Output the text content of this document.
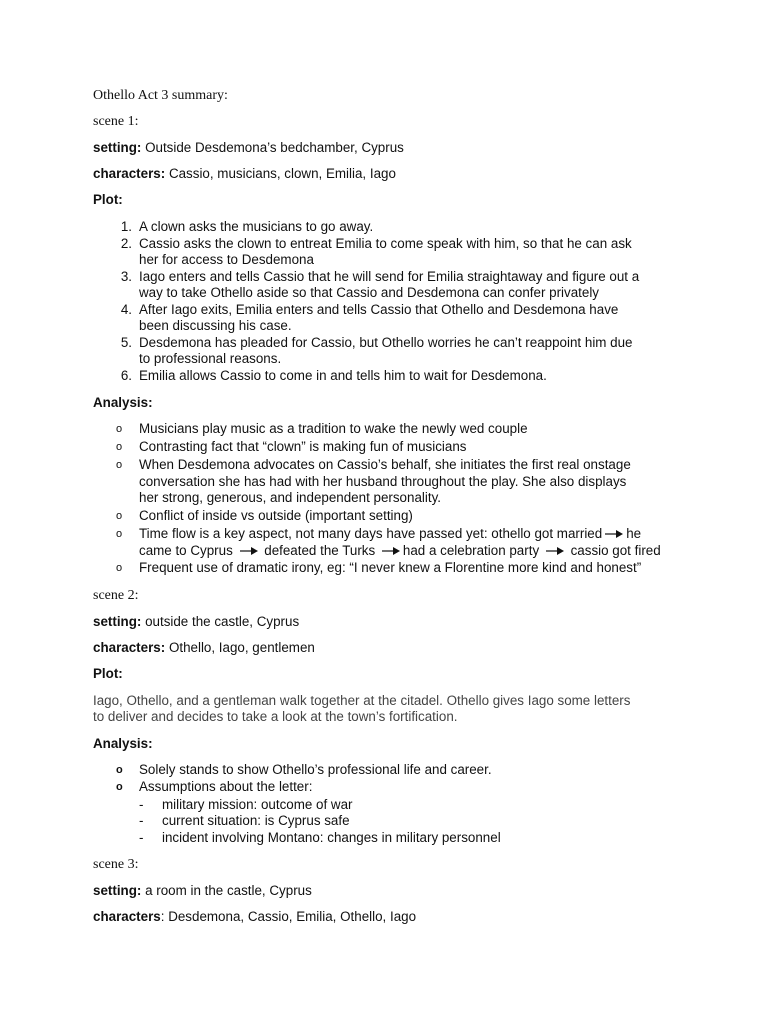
Othello Act 3 summary:
scene 1:
setting: Outside Desdemona’s bedchamber, Cyprus
characters: Cassio, musicians, clown, Emilia, Iago
Plot:
1. A clown asks the musicians to go away.
2. Cassio asks the clown to entreat Emilia to come speak with him, so that he can ask
her for access to Desdemona
3. Iago enters and tells Cassio that he will send for Emilia straightaway and figure out a
way to take Othello aside so that Cassio and Desdemona can confer privately
4. After Iago exits, Emilia enters and tells Cassio that Othello and Desdemona have
been discussing his case.
5. Desdemona has pleaded for Cassio, but Othello worries he can’t reappoint him due
to professional reasons.
6. Emilia allows Cassio to come in and tells him to wait for Desdemona.
Analysis:
o Musicians play music as a tradition to wake the newly wed couple
o Contrasting fact that “clown” is making fun of musicians
o When Desdemona advocates on Cassio’s behalf, she initiates the first real onstage
conversation she has had with her husband throughout the play. She also displays
her strong, generous, and independent personality.
o Conflict of inside vs outside (important setting)
o Time flow is a key aspect, not many days have passed yet: othello got married he
came to Cyprus defeated the Turks had a celebration party cassio got fired
o Frequent use of dramatic irony, eg: “I never knew a Florentine more kind and honest”
scene 2:
setting: outside the castle, Cyprus
characters: Othello, Iago, gentlemen
Plot:
Iago, Othello, and a gentleman walk together at the citadel. Othello gives Iago some letters
to deliver and decides to take a look at the town’s fortification.
Analysis:
o Solely stands to show Othello’s professional life and career.
o Assumptions about the letter:
- military mission: outcome of war
- current situation: is Cyprus safe
- incident involving Montano: changes in military personnel
scene 3:
setting: a room in the castle, Cyprus
characters: Desdemona, Cassio, Emilia, Othello, Iago
